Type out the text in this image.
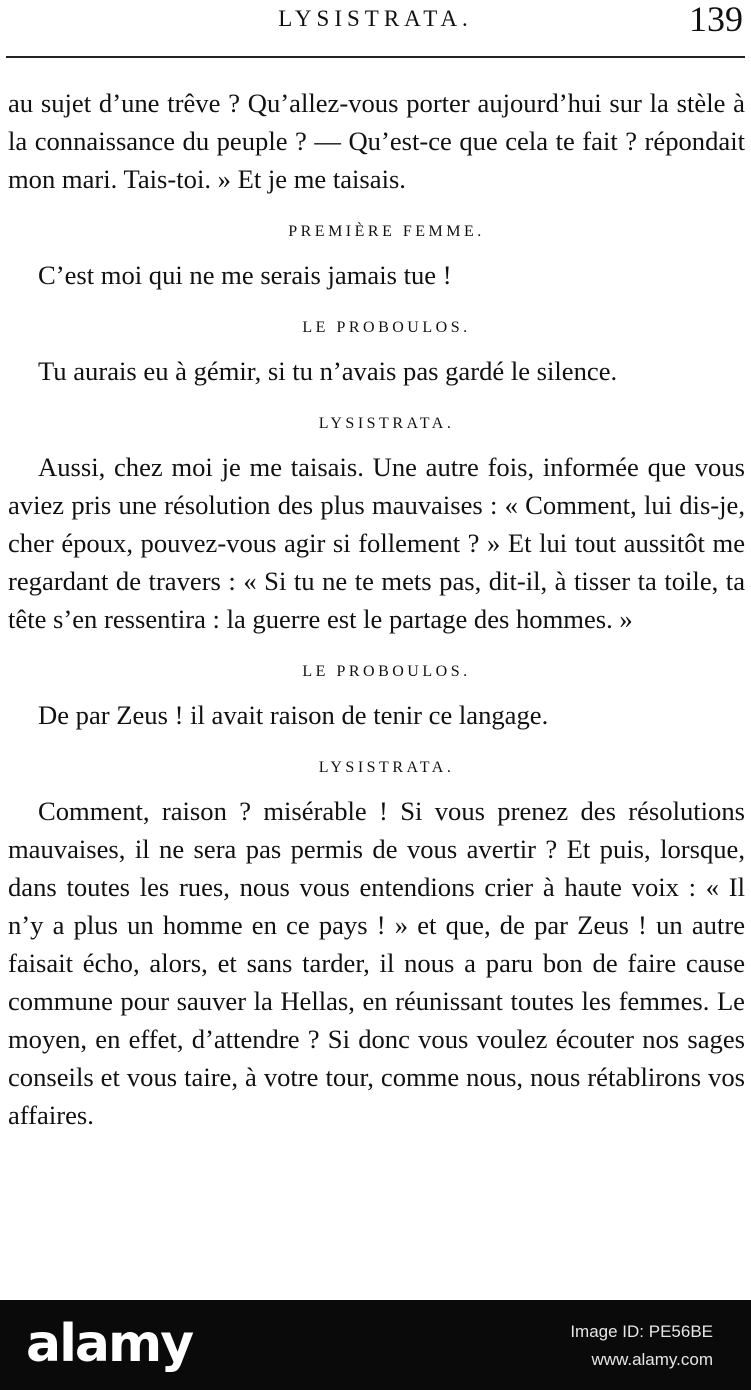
LYSISTRATA.	139

au sujet d’une trêve ? Qu’allez-vous porter aujourd’hui sur la stèle à la connaissance du peuple ? — Qu’est-ce que cela te fait ? répondait mon mari. Tais-toi. » Et je me taisais.

PREMIÈRE FEMME.

C’est moi qui ne me serais jamais tue !

LE PROBOULOS.

Tu aurais eu à gémir, si tu n’avais pas gardé le silence.

LYSISTRATA.

Aussi, chez moi je me taisais. Une autre fois, informée que vous aviez pris une résolution des plus mauvaises : « Comment, lui dis-je, cher époux, pouvez-vous agir si follement ? » Et lui tout aussitôt me regardant de travers : « Si tu ne te mets pas, dit-il, à tisser ta toile, ta tête s’en ressentira : la guerre est le partage des hommes. »

LE PROBOULOS.

De par Zeus ! il avait raison de tenir ce langage.

LYSISTRATA.

Comment, raison ? misérable ! Si vous prenez des résolutions mauvaises, il ne sera pas permis de vous avertir ? Et puis, lorsque, dans toutes les rues, nous vous entendions crier à haute voix : « Il n’y a plus un homme en ce pays ! » et que, de par Zeus ! un autre faisait écho, alors, et sans tarder, il nous a paru bon de faire cause commune pour sauver la Hellas, en réunissant toutes les femmes. Le moyen, en effet, d’attendre ? Si donc vous voulez écouter nos sages conseils et vous taire, à votre tour, comme nous, nous rétablirons vos affaires.

alamy	Image ID: PE56BE
www.alamy.com
